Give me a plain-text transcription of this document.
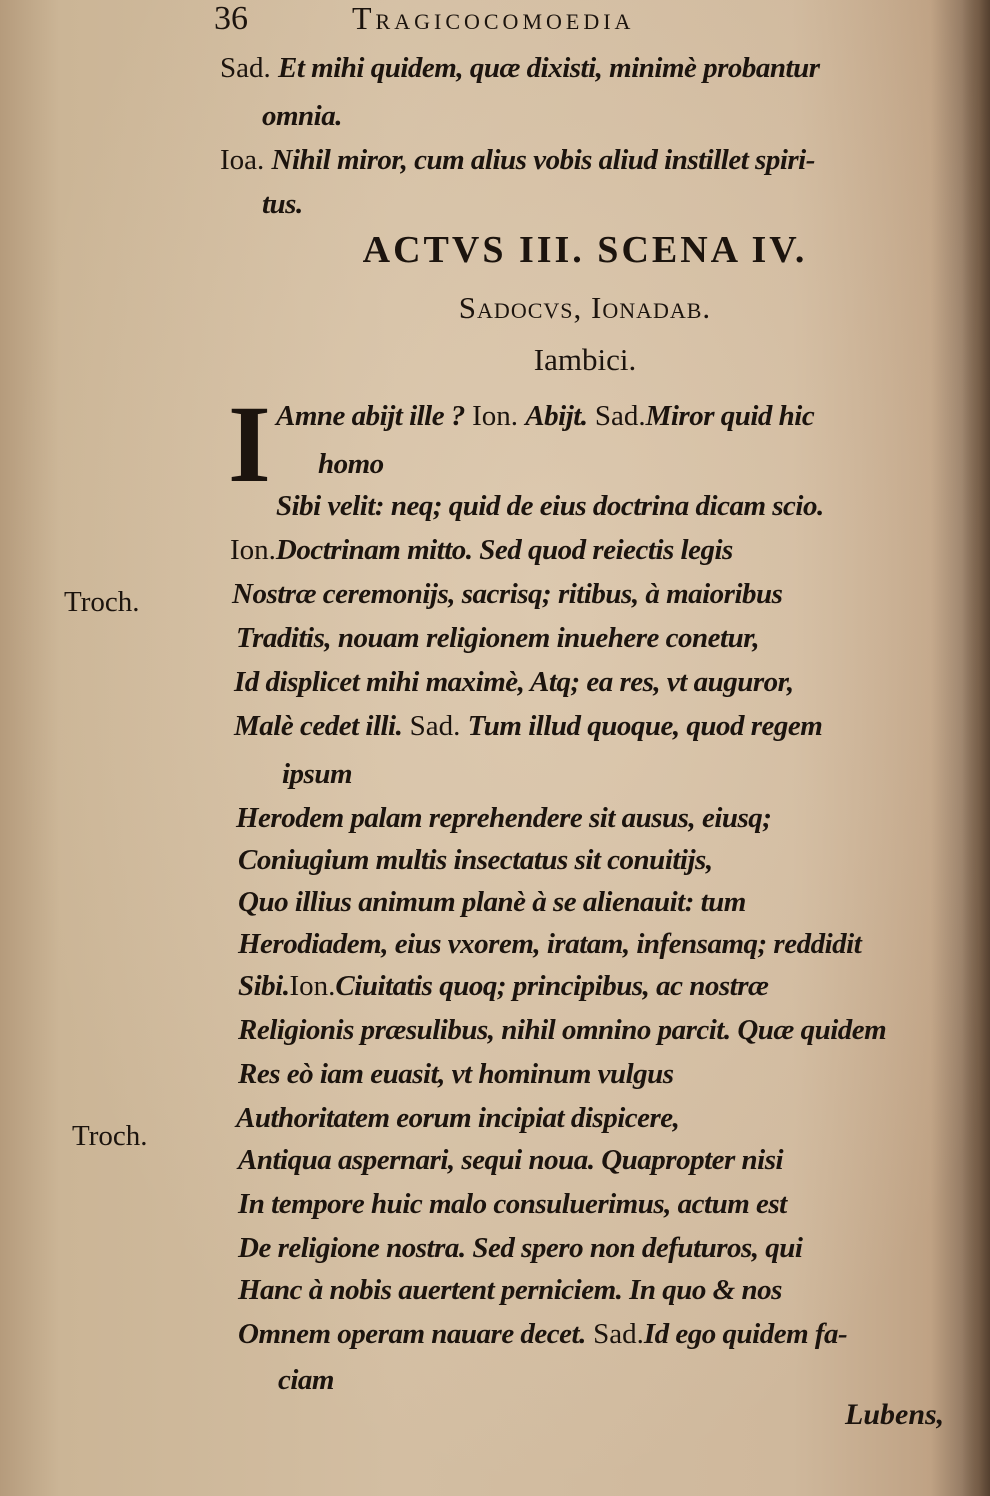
36	Tragicocomoedia
Sad. Et mihi quidem, quæ dixisti, minimè probantur
omnia.
Ioa. Nihil miror, cum alius vobis aliud instillet spiri-
tus.
ACTVS III. SCENA IV.
Sadocvs, Ionadab.
Iambici.
I Amne abijt ille ? Ion. Abijt. Sad.Miror quid hic
homo
Sibi velit: neq; quid de eius doctrina dicam scio.
Ion.Doctrinam mitto. Sed quod reiectis legis
Nostræ ceremonijs, sacrisq; ritibus, à maioribus
Traditis, nouam religionem inuehere conetur,
Id displicet mihi maximè, Atq; ea res, vt auguror,
Malè cedet illi. Sad. Tum illud quoque, quod regem
ipsum
Herodem palam reprehendere sit ausus, eiusq;
Coniugium multis insectatus sit conuitijs,
Quo illius animum planè à se alienauit: tum
Herodiadem, eius vxorem, iratam, infensamq; reddidit
Sibi.Ion.Ciuitatis quoq; principibus, ac nostræ
Religionis præsulibus, nihil omnino parcit. Quæ quidem
Res eò iam euasit, vt hominum vulgus
Authoritatem eorum incipiat dispicere,
Antiqua aspernari, sequi noua. Quapropter nisi
In tempore huic malo consuluerimus, actum est
De religione nostra. Sed spero non defuturos, qui
Hanc à nobis auertent perniciem. In quo & nos
Omnem operam nauare decet. Sad.Id ego quidem fa-
ciam
Troch.
Troch.
Lubens,
